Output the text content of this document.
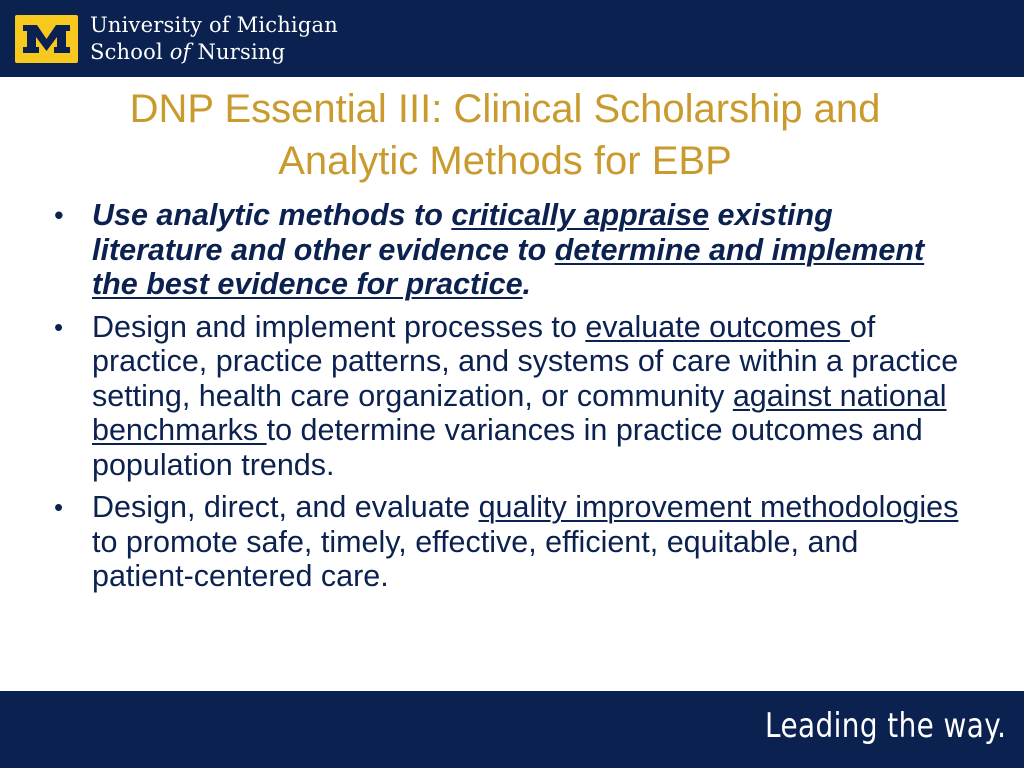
University of Michigan
School of Nursing
DNP Essential III: Clinical Scholarship and
Analytic Methods for EBP
• Use analytic methods to critically appraise existing literature and other evidence to determine and implement the best evidence for practice.
• Design and implement processes to evaluate outcomes of practice, practice patterns, and systems of care within a practice setting, health care organization, or community against national benchmarks to determine variances in practice outcomes and population trends.
• Design, direct, and evaluate quality improvement methodologies to promote safe, timely, effective, efficient, equitable, and patient-centered care.
Leading the way.
